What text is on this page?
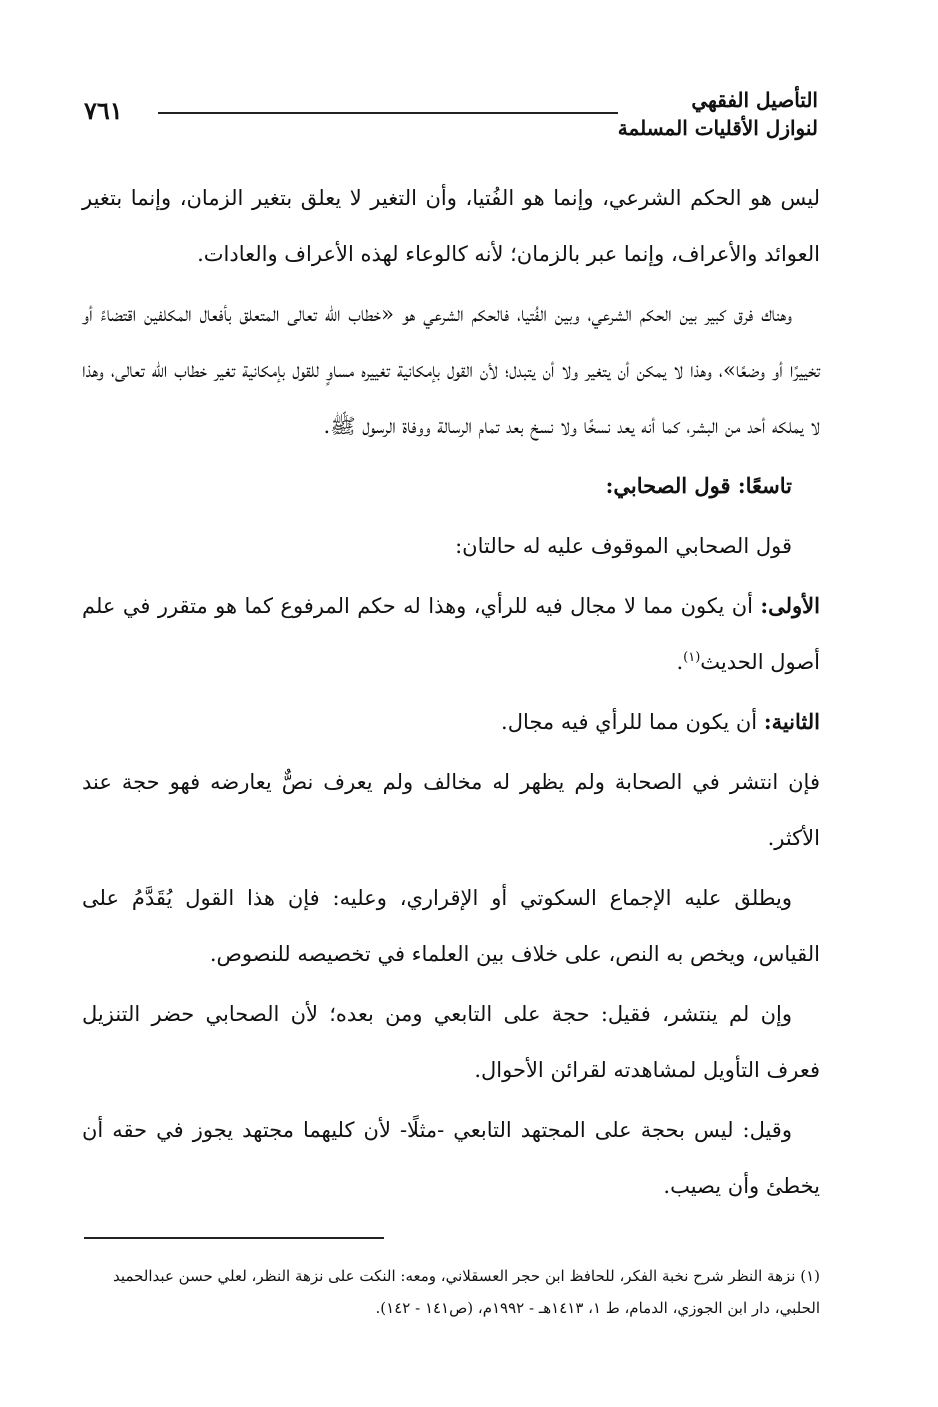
التأصيل الفقهي
لنوازل الأقليات المسلمة
٧٦١

ليس هو الحكم الشرعي، وإنما هو الفُتيا، وأن التغير لا يعلق بتغير الزمان، وإنما بتغير العوائد والأعراف، وإنما عبر بالزمان؛ لأنه كالوعاء لهذه الأعراف والعادات.

وهناك فرق كبير بين الحكم الشرعي، وبين الفُتيا، فالحكم الشرعي هو «خطاب الله تعالى المتعلق بأفعال المكلفين اقتضاءً أو تخييرًا أو وضعًا»، وهذا لا يمكن أن يتغير ولا أن يتبدل؛ لأن القول بإمكانية تغييره مساوٍ للقول بإمكانية تغير خطاب الله تعالى، وهذا لا يملكه أحد من البشر، كما أنه يعد نسخًا ولا نسخ بعد تمام الرسالة ووفاة الرسول ﷺ.

تاسعًا: قول الصحابي:

قول الصحابي الموقوف عليه له حالتان:

الأولى: أن يكون مما لا مجال فيه للرأي، وهذا له حكم المرفوع كما هو متقرر في علم أصول الحديث$^{(١)}$.

الثانية: أن يكون مما للرأي فيه مجال.

فإن انتشر في الصحابة ولم يظهر له مخالف ولم يعرف نصٌّ يعارضه فهو حجة عند الأكثر.

ويطلق عليه الإجماع السكوتي أو الإقراري، وعليه: فإن هذا القول يُقَدَّمُ على القياس، ويخص به النص، على خلاف بين العلماء في تخصيصه للنصوص.

وإن لم ينتشر، فقيل: حجة على التابعي ومن بعده؛ لأن الصحابي حضر التنزيل فعرف التأويل لمشاهدته لقرائن الأحوال.

وقيل: ليس بحجة على المجتهد التابعي -مثلًا- لأن كليهما مجتهد يجوز في حقه أن يخطئ وأن يصيب.

(١) نزهة النظر شرح نخبة الفكر، للحافظ ابن حجر العسقلاني، ومعه: النكت على نزهة النظر، لعلي حسن عبدالحميد الحلبي، دار ابن الجوزي، الدمام، ط ١، ١٤١٣هـ - ١٩٩٢م، (ص١٤١ - ١٤٢).
